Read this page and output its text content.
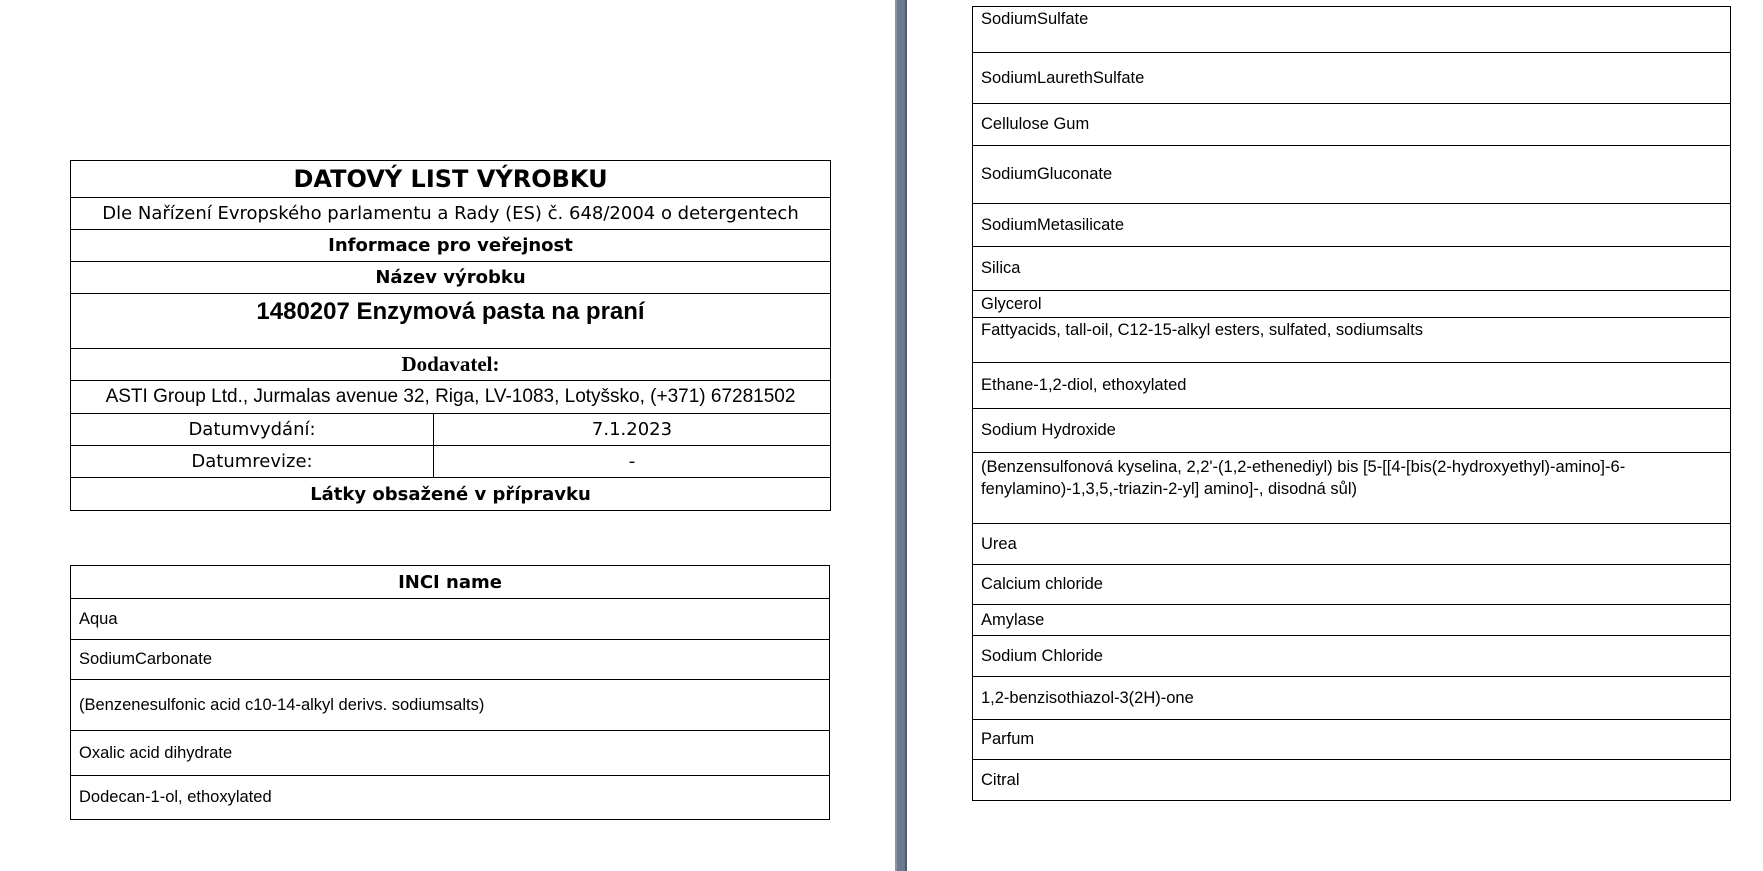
DATOVÝ LIST VÝROBKU	
Dle Nařízení Evropského parlamentu a Rady (ES) č. 648/2004 o detergentech	
Informace pro veřejnost	
Název výrobku	
1480207 Enzymová pasta na praní	
Dodavatel:	
ASTI Group Ltd., Jurmalas avenue 32, Riga, LV-1083, Lotyšsko, (+371) 67281502	
Datumvydání:	7.1.2023
Datumrevize:	-
Látky obsažené v přípravku	
INCI name
Aqua
SodiumCarbonate
(Benzenesulfonic acid c10-14-alkyl derivs. sodiumsalts)
Oxalic acid dihydrate
Dodecan-1-ol, ethoxylated
SodiumSulfate
SodiumLaurethSulfate
Cellulose Gum
SodiumGluconate
SodiumMetasilicate
Silica
Glycerol
Fattyacids, tall-oil, C12-15-alkyl esters, sulfated, sodiumsalts
Ethane-1,2-diol, ethoxylated
Sodium Hydroxide
(Benzensulfonová kyselina, 2,2'-(1,2-ethenediyl) bis [5-[[4-[bis(2-hydroxyethyl)-amino]-6-fenylamino)-1,3,5,-triazin-2-yl] amino]-, disodná sůl)
Urea
Calcium chloride
Amylase
Sodium Chloride
1,2-benzisothiazol-3(2H)-one
Parfum
Citral
